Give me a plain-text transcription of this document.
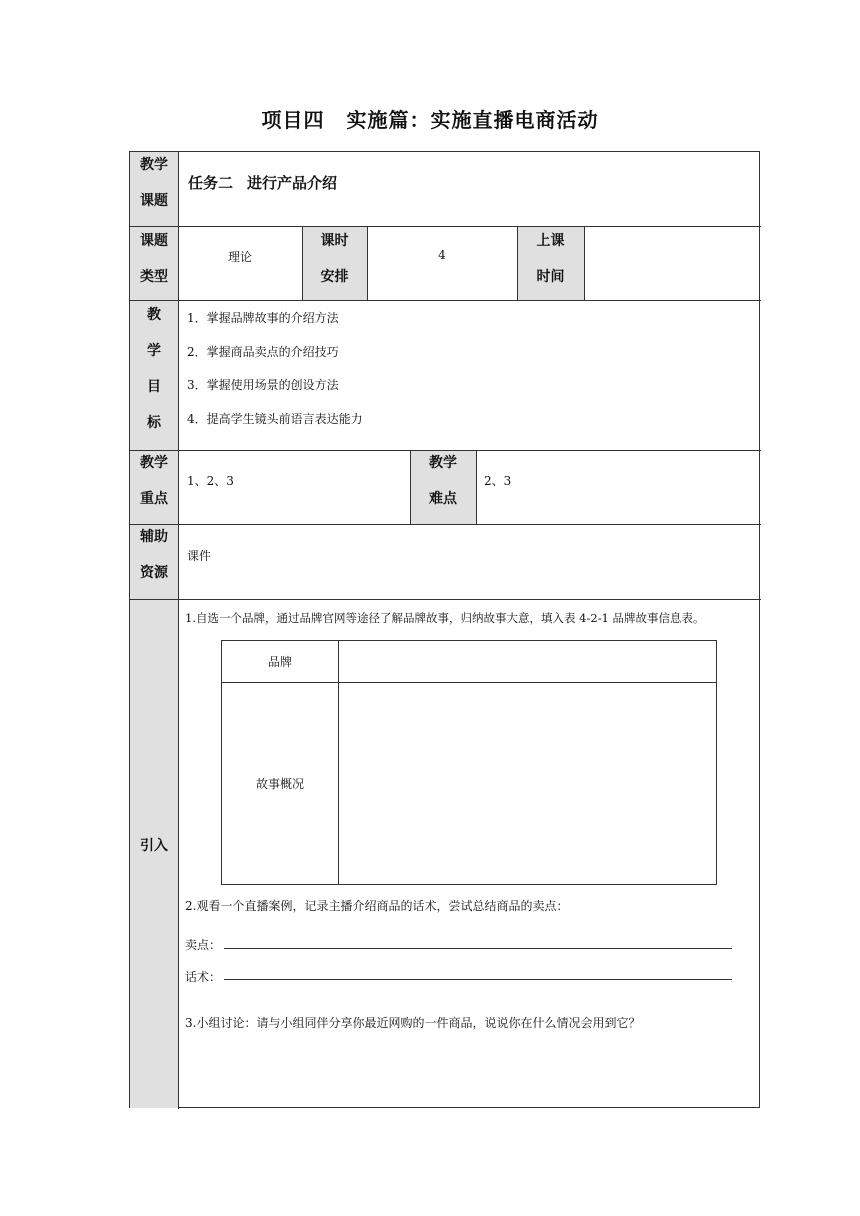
项目四 实施篇：实施直播电商活动
教学
课题
课题
类型
课时
安排
上课
时间
教
学
目
标
教学
重点
教学
难点
辅助
资源
引入
任务二 进行产品介绍
理论	4
1．掌握品牌故事的介绍方法
2．掌握商品卖点的介绍技巧
3．掌握使用场景的创设方法
4．提高学生镜头前语言表达能力
1、2、3	2、3
课件
1.自选一个品牌，通过品牌官网等途径了解品牌故事，归纳故事大意，填入表 4-2-1 品牌故事信息表。
品牌
故事概况
2.观看一个直播案例，记录主播介绍商品的话术，尝试总结商品的卖点：
卖点：
话术：
3.小组讨论：请与小组同伴分享你最近网购的一件商品，说说你在什么情况会用到它？
